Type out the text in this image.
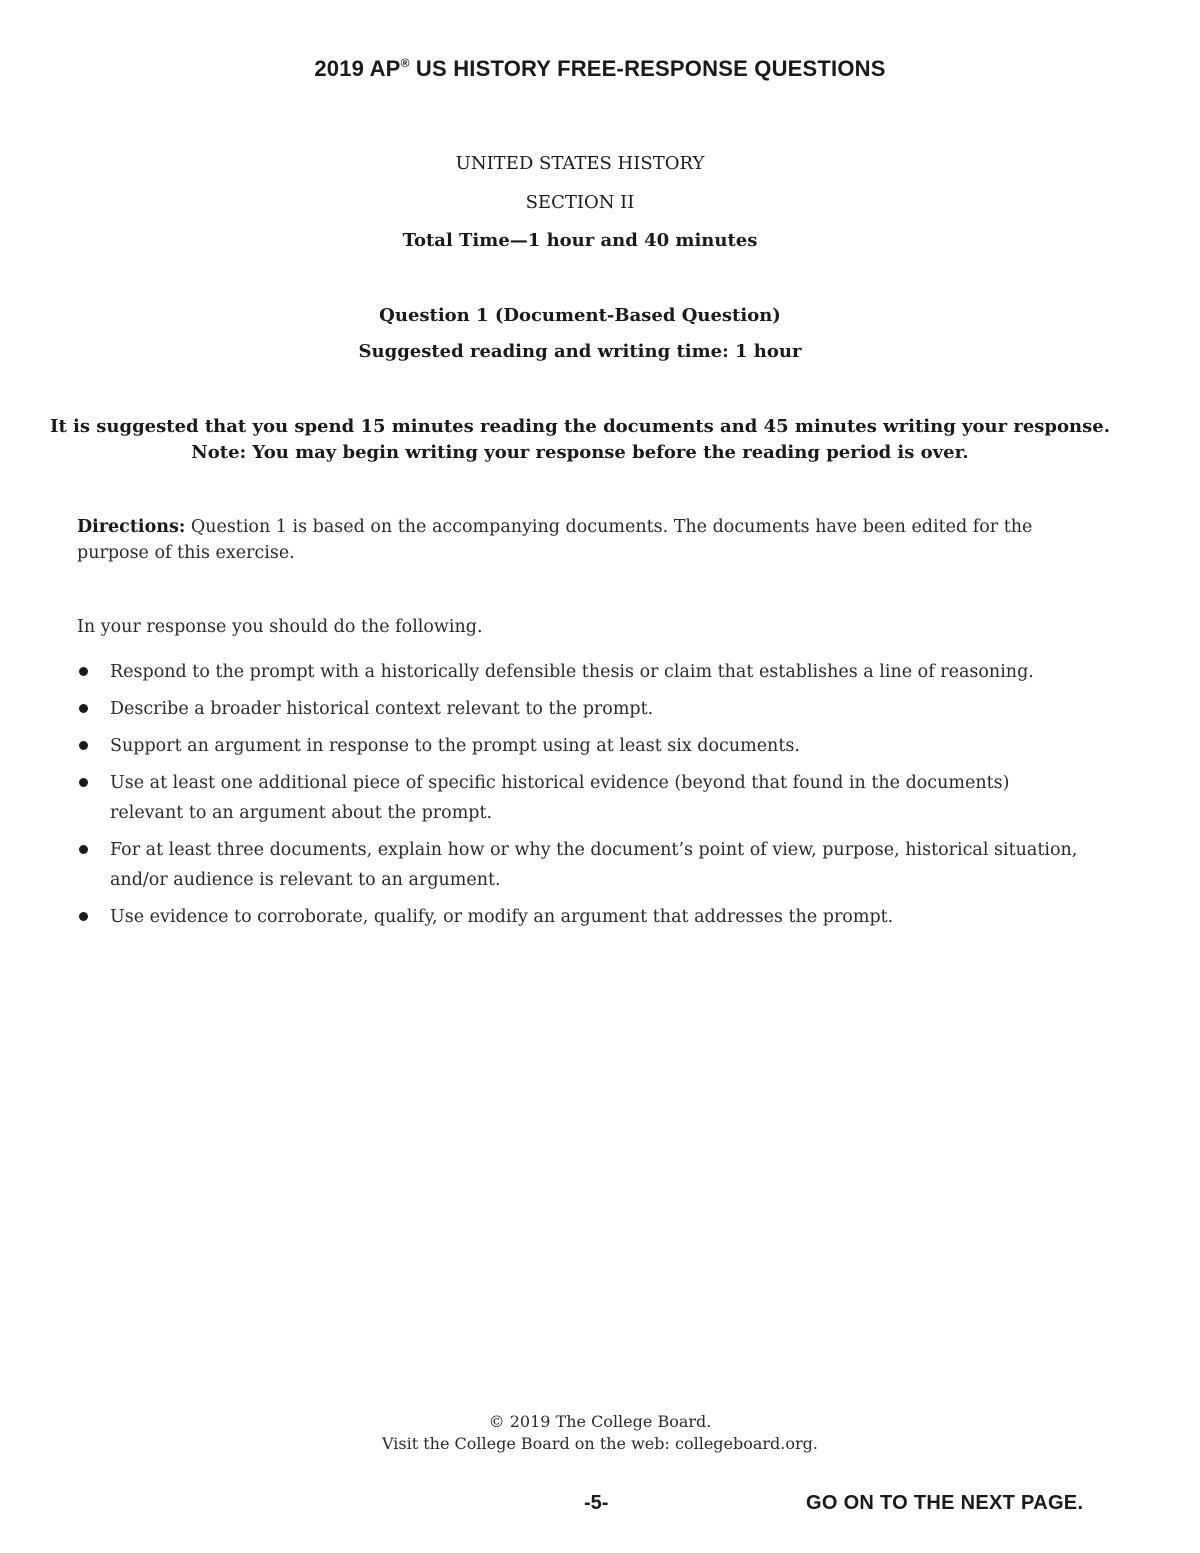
2019 AP® US HISTORY FREE-RESPONSE QUESTIONS
UNITED STATES HISTORY
SECTION II
Total Time—1 hour and 40 minutes
Question 1 (Document-Based Question)
Suggested reading and writing time: 1 hour
It is suggested that you spend 15 minutes reading the documents and 45 minutes writing your response.
Note: You may begin writing your response before the reading period is over.
Directions: Question 1 is based on the accompanying documents. The documents have been edited for the purpose of this exercise.
In your response you should do the following.
Respond to the prompt with a historically defensible thesis or claim that establishes a line of reasoning.
Describe a broader historical context relevant to the prompt.
Support an argument in response to the prompt using at least six documents.
Use at least one additional piece of specific historical evidence (beyond that found in the documents) relevant to an argument about the prompt.
For at least three documents, explain how or why the document’s point of view, purpose, historical situation, and/or audience is relevant to an argument.
Use evidence to corroborate, qualify, or modify an argument that addresses the prompt.
© 2019 The College Board.
Visit the College Board on the web: collegeboard.org.
-5-	GO ON TO THE NEXT PAGE.
